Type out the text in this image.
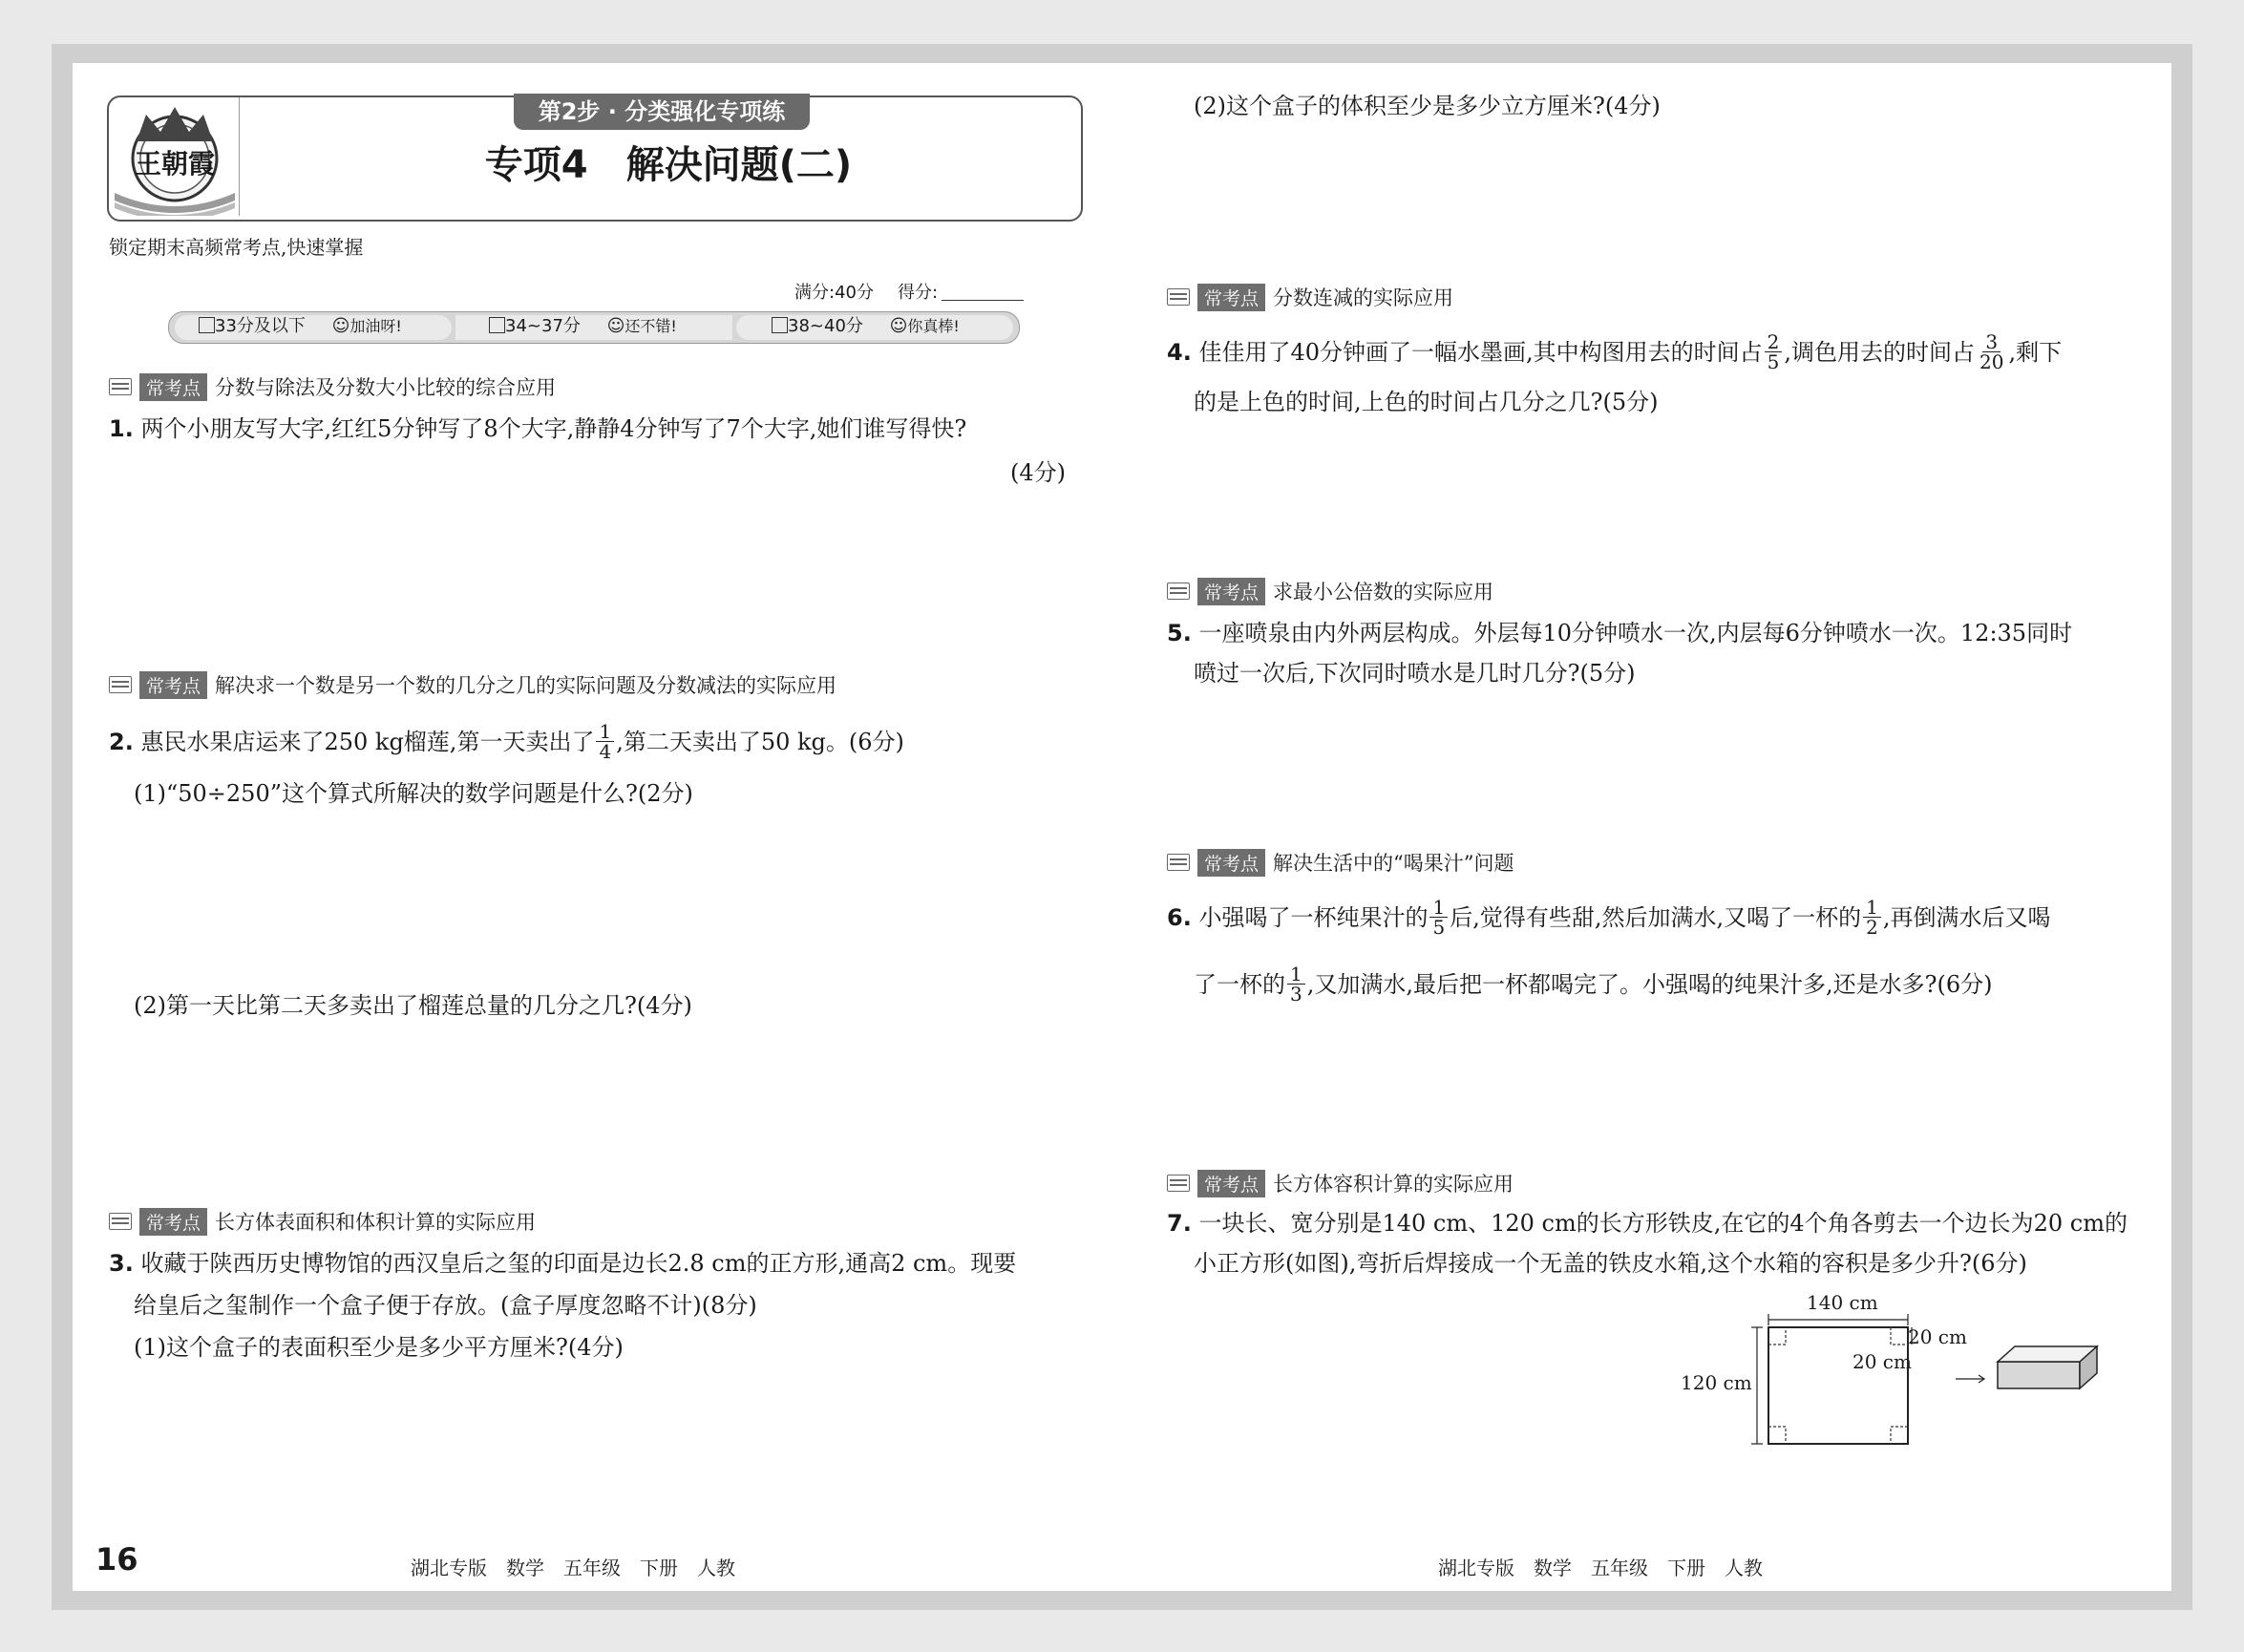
王朝霞
第2步 · 分类强化专项练
专项4　解决问题(二)
锁定期末高频常考点,快速掌握
满分:40分 得分:
33分及以下 ☺加油呀!	34~37分 ☺还不错!	38~40分 ☺你真棒!
常考点 分数与除法及分数大小比较的综合应用
1. 两个小朋友写大字,红红5分钟写了8个大字,静静4分钟写了7个大字,她们谁写得快?
(4分)
常考点 解决求一个数是另一个数的几分之几的实际问题及分数减法的实际应用
2. 惠民水果店运来了250 kg榴莲,第一天卖出了 $\frac{1}{4}$ ,第二天卖出了50 kg。(6分)
(1)“50÷250”这个算式所解决的数学问题是什么?(2分)
(2)第一天比第二天多卖出了榴莲总量的几分之几?(4分)
常考点 长方体表面积和体积计算的实际应用
3. 收藏于陕西历史博物馆的西汉皇后之玺的印面是边长2.8 cm的正方形,通高2 cm。现要
给皇后之玺制作一个盒子便于存放。(盒子厚度忽略不计)(8分)
(1)这个盒子的表面积至少是多少平方厘米?(4分)
(2)这个盒子的体积至少是多少立方厘米?(4分)
常考点 分数连减的实际应用
4. 佳佳用了40分钟画了一幅水墨画,其中构图用去的时间占 $\frac{2}{5}$ ,调色用去的时间占 $\frac{3}{20}$ ,剩下
的是上色的时间,上色的时间占几分之几?(5分)
常考点 求最小公倍数的实际应用
5. 一座喷泉由内外两层构成。外层每10分钟喷水一次,内层每6分钟喷水一次。12:35同时
喷过一次后,下次同时喷水是几时几分?(5分)
常考点 解决生活中的“喝果汁”问题
6. 小强喝了一杯纯果汁的 $\frac{1}{5}$ 后,觉得有些甜,然后加满水,又喝了一杯的 $\frac{1}{2}$ ,再倒满水后又喝
了一杯的 $\frac{1}{3}$ ,又加满水,最后把一杯都喝完了。小强喝的纯果汁多,还是水多?(6分)
常考点 长方体容积计算的实际应用
7. 一块长、宽分别是140 cm、120 cm的长方形铁皮,在它的4个角各剪去一个边长为20 cm的
小正方形(如图),弯折后焊接成一个无盖的铁皮水箱,这个水箱的容积是多少升?(6分)
140 cm
120 cm
20 cm
20 cm
16	湖北专版　数学　五年级　下册　人教	湖北专版　数学　五年级　下册　人教
